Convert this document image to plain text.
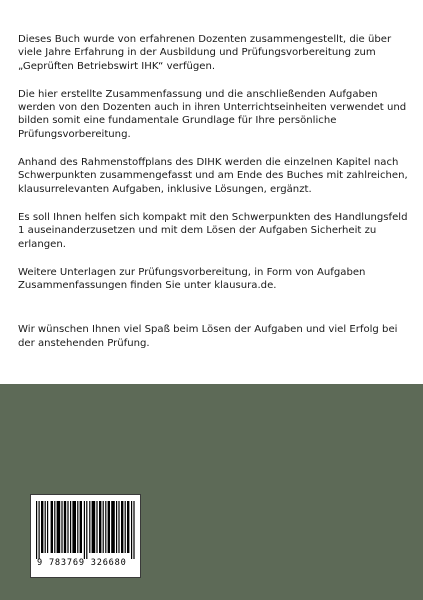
Dieses Buch wurde von erfahrenen Dozenten zusammengestellt, die über viele Jahre Erfahrung in der Ausbildung und Prüfungsvorbereitung zum „Geprüften Betriebswirt IHK“ verfügen.

Die hier erstellte Zusammenfassung und die anschließenden Aufgaben werden von den Dozenten auch in ihren Unterrichtseinheiten verwendet und bilden somit eine fundamentale Grundlage für Ihre persönliche Prüfungsvorbereitung.

Anhand des Rahmenstoffplans des DIHK werden die einzelnen Kapitel nach Schwerpunkten zusammengefasst und am Ende des Buches mit zahlreichen, klausurrelevanten Aufgaben, inklusive Lösungen, ergänzt.

Es soll Ihnen helfen sich kompakt mit den Schwerpunkten des Handlungsfeld 1 auseinanderzusetzen und mit dem Lösen der Aufgaben Sicherheit zu erlangen.

Weitere Unterlagen zur Prüfungsvorbereitung, in Form von Aufgaben Zusammenfassungen finden Sie unter klausura.de.

Wir wünschen Ihnen viel Spaß beim Lösen der Aufgaben und viel Erfolg bei der anstehenden Prüfung.

9 783769 326680
